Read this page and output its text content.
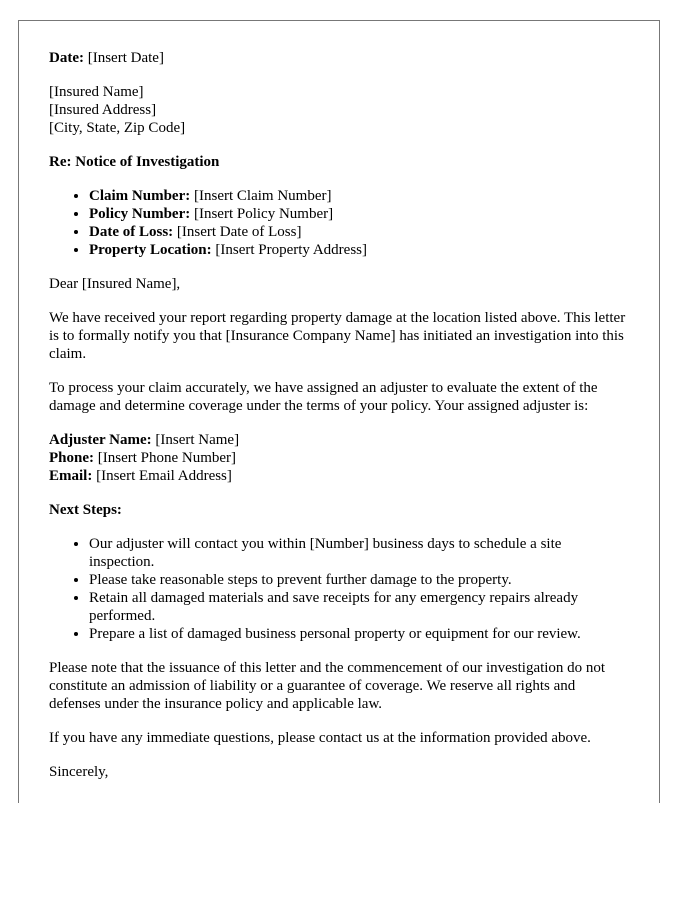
Date: [Insert Date]

[Insured Name]
[Insured Address]
[City, State, Zip Code]

Re: Notice of Investigation

• Claim Number: [Insert Claim Number]
• Policy Number: [Insert Policy Number]
• Date of Loss: [Insert Date of Loss]
• Property Location: [Insert Property Address]

Dear [Insured Name],

We have received your report regarding property damage at the location listed above. This letter is to formally notify you that [Insurance Company Name] has initiated an investigation into this claim.

To process your claim accurately, we have assigned an adjuster to evaluate the extent of the damage and determine coverage under the terms of your policy. Your assigned adjuster is:

Adjuster Name: [Insert Name]
Phone: [Insert Phone Number]
Email: [Insert Email Address]

Next Steps:

• Our adjuster will contact you within [Number] business days to schedule a site inspection.
• Please take reasonable steps to prevent further damage to the property.
• Retain all damaged materials and save receipts for any emergency repairs already performed.
• Prepare a list of damaged business personal property or equipment for our review.

Please note that the issuance of this letter and the commencement of our investigation do not constitute an admission of liability or a guarantee of coverage. We reserve all rights and defenses under the insurance policy and applicable law.

If you have any immediate questions, please contact us at the information provided above.

Sincerely,
